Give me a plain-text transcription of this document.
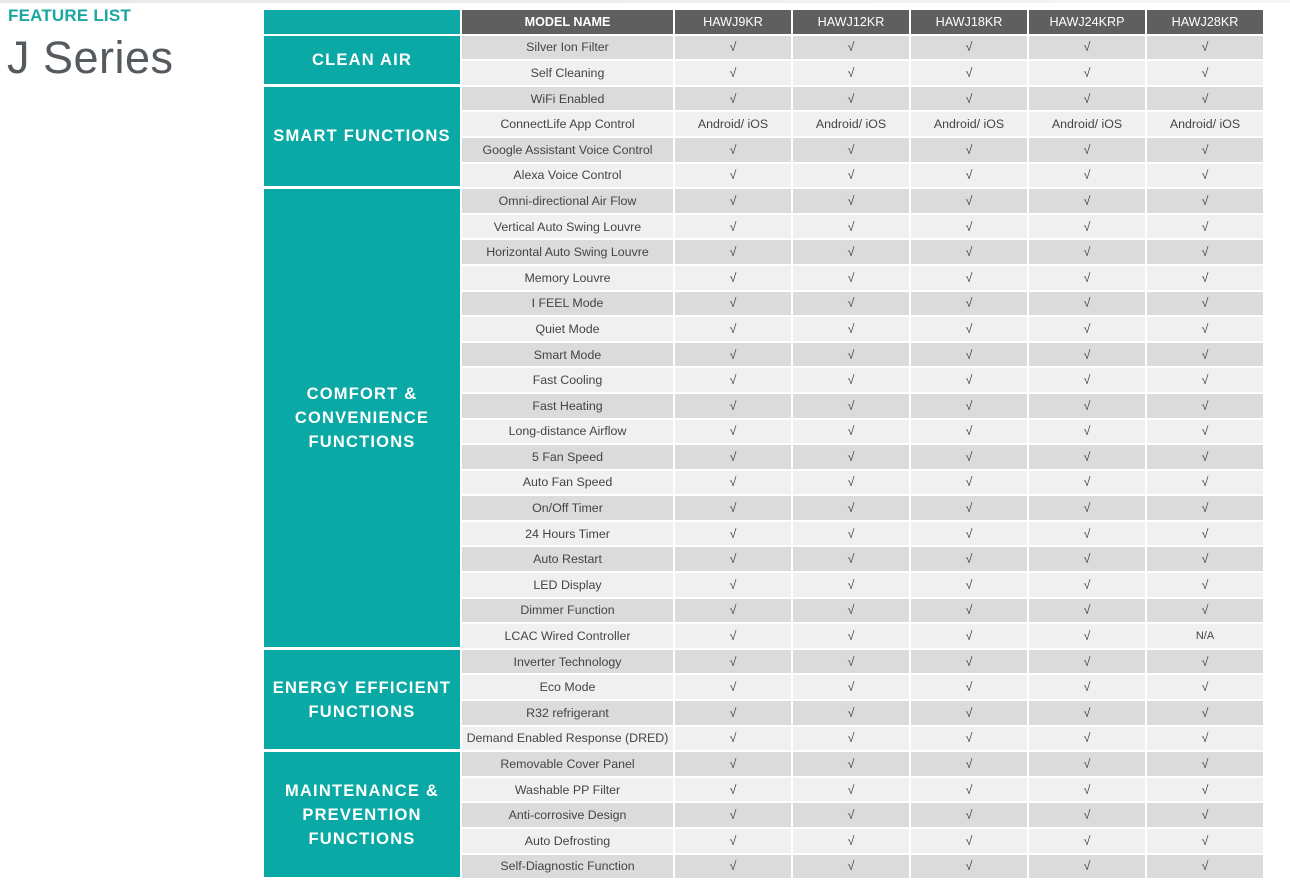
FEATURE LIST
J Series
	MODEL NAME	HAWJ9KR	HAWJ12KR	HAWJ18KR	HAWJ24KRP	HAWJ28KR
CLEAN AIR	Silver Ion Filter	√	√	√	√	√
	Self Cleaning	√	√	√	√	√
SMART FUNCTIONS	WiFi Enabled	√	√	√	√	√
	ConnectLife App Control	Android/ iOS	Android/ iOS	Android/ iOS	Android/ iOS	Android/ iOS
	Google Assistant Voice Control	√	√	√	√	√
	Alexa Voice Control	√	√	√	√	√
COMFORT & CONVENIENCE FUNCTIONS	Omni-directional Air Flow	√	√	√	√	√
	Vertical Auto Swing Louvre	√	√	√	√	√
	Horizontal Auto Swing Louvre	√	√	√	√	√
	Memory Louvre	√	√	√	√	√
	I FEEL Mode	√	√	√	√	√
	Quiet Mode	√	√	√	√	√
	Smart Mode	√	√	√	√	√
	Fast Cooling	√	√	√	√	√
	Fast Heating	√	√	√	√	√
	Long-distance Airflow	√	√	√	√	√
	5 Fan Speed	√	√	√	√	√
	Auto Fan Speed	√	√	√	√	√
	On/Off Timer	√	√	√	√	√
	24 Hours Timer	√	√	√	√	√
	Auto Restart	√	√	√	√	√
	LED Display	√	√	√	√	√
	Dimmer Function	√	√	√	√	√
	LCAC Wired Controller	√	√	√	√	N/A
ENERGY EFFICIENT FUNCTIONS	Inverter Technology	√	√	√	√	√
	Eco Mode	√	√	√	√	√
	R32 refrigerant	√	√	√	√	√
	Demand Enabled Response (DRED)	√	√	√	√	√
MAINTENANCE & PREVENTION FUNCTIONS	Removable Cover Panel	√	√	√	√	√
	Washable PP Filter	√	√	√	√	√
	Anti-corrosive Design	√	√	√	√	√
	Auto Defrosting	√	√	√	√	√
	Self-Diagnostic Function	√	√	√	√	√
